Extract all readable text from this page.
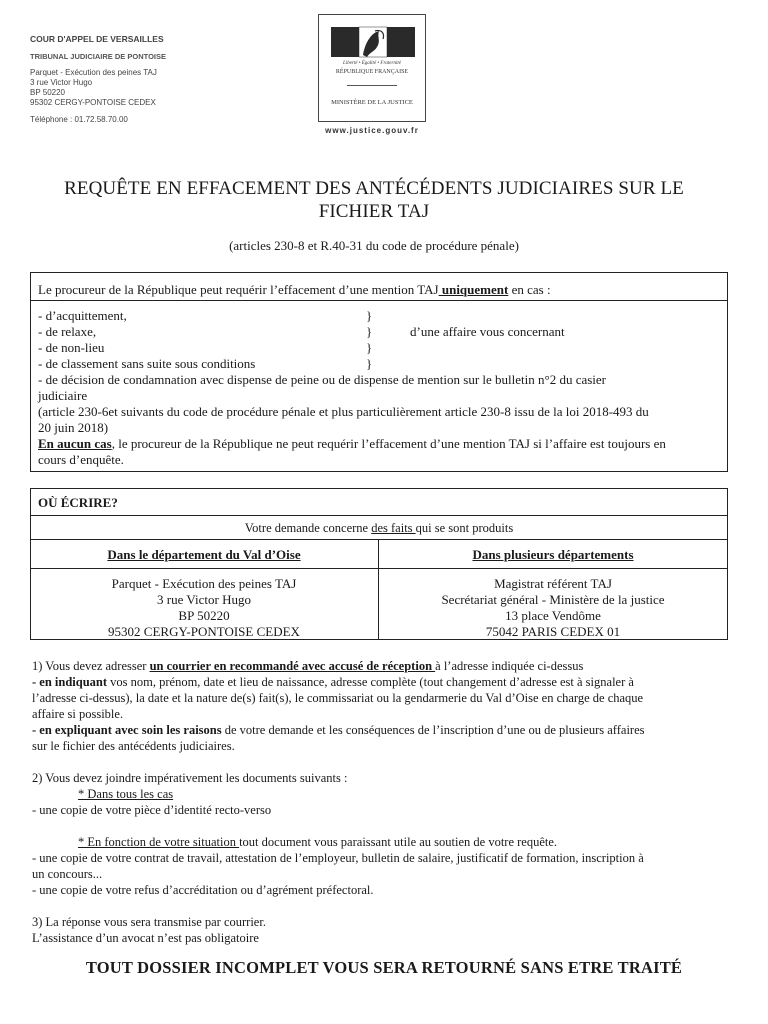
COUR D'APPEL DE VERSAILLES
TRIBUNAL JUDICIAIRE DE PONTOISE
Parquet - Exécution des peines TAJ
3 rue Victor Hugo
BP 50220
95302 CERGY-PONTOISE CEDEX
Téléphone : 01.72.58.70.00
Liberté • Égalité • Fraternité
RÉPUBLIQUE FRANÇAISE
MINISTÈRE DE LA JUSTICE
www.justice.gouv.fr
REQUÊTE EN EFFACEMENT DES ANTÉCÉDENTS JUDICIAIRES SUR LE
FICHIER TAJ
(articles 230-8 et R.40-31 du code de procédure pénale)
Le procureur de la République peut requérir l’effacement d’une mention TAJ uniquement en cas :
- d’acquittement,
- de relaxe,
- de non-lieu
- de classement sans suite sous conditions
}
}
}
}
d’une affaire vous concernant
- de décision de condamnation avec dispense de peine ou de dispense de mention sur le bulletin n°2 du casier
judiciaire
(article 230-6et suivants du code de procédure pénale et plus particulièrement article 230-8 issu de la loi 2018-493 du
20 juin 2018)
En aucun cas, le procureur de la République ne peut requérir l’effacement d’une mention TAJ si l’affaire est toujours en
cours d’enquête.
OÙ ÉCRIRE?
Votre demande concerne des faits qui se sont produits
Dans le département du Val d’Oise	Dans plusieurs départements
Parquet - Exécution des peines TAJ
3 rue Victor Hugo
BP 50220
95302 CERGY-PONTOISE CEDEX
Magistrat référent TAJ
Secrétariat général - Ministère de la justice
13 place Vendôme
75042 PARIS CEDEX 01
1) Vous devez adresser un courrier en recommandé avec accusé de réception à l’adresse indiquée ci-dessus
- en indiquant vos nom, prénom, date et lieu de naissance, adresse complète (tout changement d’adresse est à signaler à
l’adresse ci-dessus), la date et la nature de(s) fait(s), le commissariat ou la gendarmerie du Val d’Oise en charge de chaque
affaire si possible.
- en expliquant avec soin les raisons de votre demande et les conséquences de l’inscription d’une ou de plusieurs affaires
sur le fichier des antécédents judiciaires.
2) Vous devez joindre impérativement les documents suivants :
* Dans tous les cas
- une copie de votre pièce d’identité recto-verso
* En fonction de votre situation tout document vous paraissant utile au soutien de votre requête.
- une copie de votre contrat de travail, attestation de l’employeur, bulletin de salaire, justificatif de formation, inscription à
un concours...
- une copie de votre refus d’accréditation ou d’agrément préfectoral.
3) La réponse vous sera transmise par courrier.
L’assistance d’un avocat n’est pas obligatoire
TOUT DOSSIER INCOMPLET VOUS SERA RETOURNÉ SANS ETRE TRAITÉ
